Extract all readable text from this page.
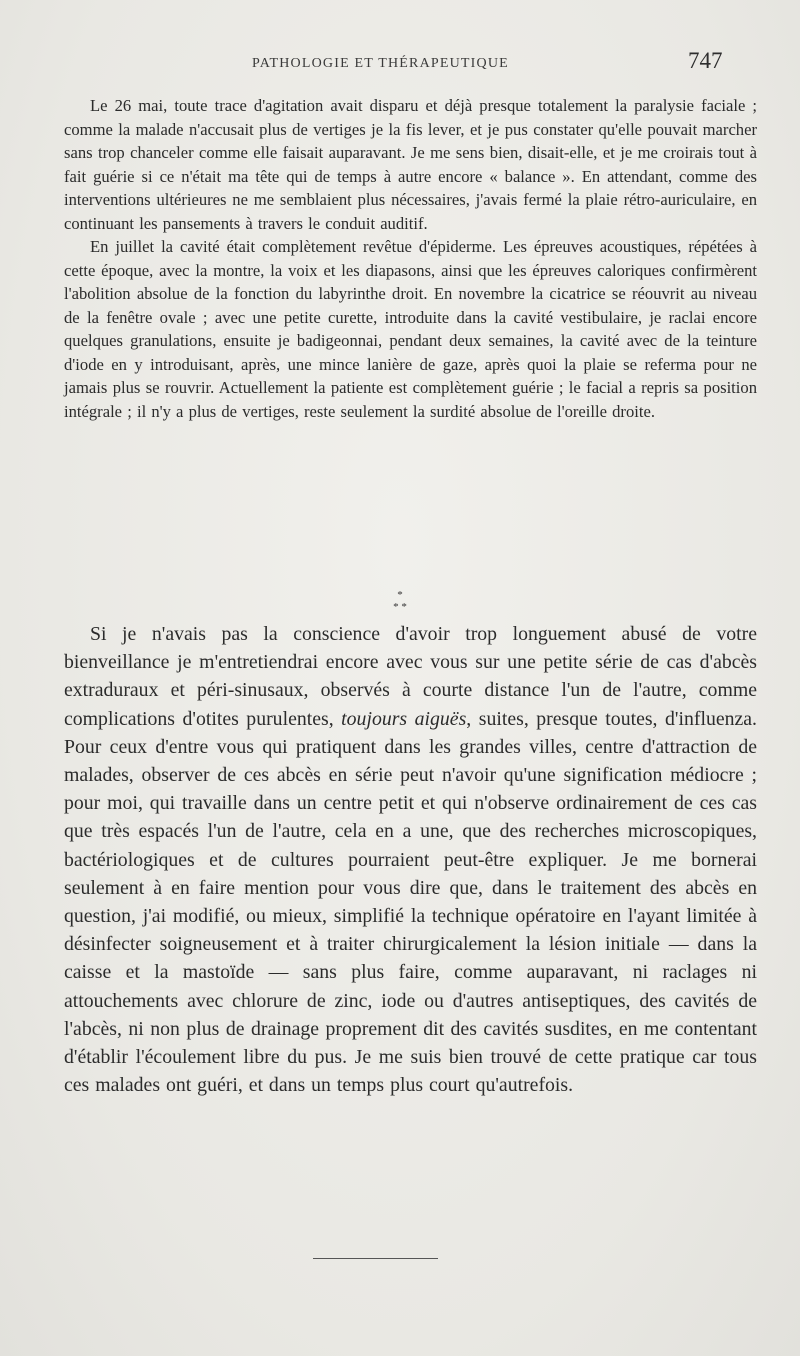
PATHOLOGIE ET THÉRAPEUTIQUE	747

Le 26 mai, toute trace d'agitation avait disparu et déjà presque totalement la paralysie faciale ; comme la malade n'accusait plus de vertiges je la fis lever, et je pus constater qu'elle pouvait marcher sans trop chanceler comme elle faisait auparavant. Je me sens bien, disait-elle, et je me croirais tout à fait guérie si ce n'était ma tête qui de temps à autre encore « balance ». En attendant, comme des interventions ultérieures ne me semblaient plus nécessaires, j'avais fermé la plaie rétro-auriculaire, en continuant les pansements à travers le conduit auditif.

En juillet la cavité était complètement revêtue d'épiderme. Les épreuves acoustiques, répétées à cette époque, avec la montre, la voix et les diapasons, ainsi que les épreuves caloriques confirmèrent l'abolition absolue de la fonction du labyrinthe droit. En novembre la cicatrice se réouvrit au niveau de la fenêtre ovale ; avec une petite curette, introduite dans la cavité vestibulaire, je raclai encore quelques granulations, ensuite je badigeonnai, pendant deux semaines, la cavité avec de la teinture d'iode en y introduisant, après, une mince lanière de gaze, après quoi la plaie se referma pour ne jamais plus se rouvrir. Actuellement la patiente est complètement guérie ; le facial a repris sa position intégrale ; il n'y a plus de vertiges, reste seulement la surdité absolue de l'oreille droite.

*
* *

Si je n'avais pas la conscience d'avoir trop longuement abusé de votre bienveillance je m'entretiendrai encore avec vous sur une petite série de cas d'abcès extraduraux et péri-sinusaux, observés à courte distance l'un de l'autre, comme complications d'otites purulentes, toujours aiguës, suites, presque toutes, d'influenza. Pour ceux d'entre vous qui pratiquent dans les grandes villes, centre d'attraction de malades, observer de ces abcès en série peut n'avoir qu'une signification médiocre ; pour moi, qui travaille dans un centre petit et qui n'observe ordinairement de ces cas que très espacés l'un de l'autre, cela en a une, que des recherches microscopiques, bactériologiques et de cultures pourraient peut-être expliquer. Je me bornerai seulement à en faire mention pour vous dire que, dans le traitement des abcès en question, j'ai modifié, ou mieux, simplifié la technique opératoire en l'ayant limitée à désinfecter soigneusement et à traiter chirurgicalement la lésion initiale — dans la caisse et la mastoïde — sans plus faire, comme auparavant, ni raclages ni attouchements avec chlorure de zinc, iode ou d'autres antiseptiques, des cavités de l'abcès, ni non plus de drainage proprement dit des cavités susdites, en me contentant d'établir l'écoulement libre du pus. Je me suis bien trouvé de cette pratique car tous ces malades ont guéri, et dans un temps plus court qu'autrefois.
